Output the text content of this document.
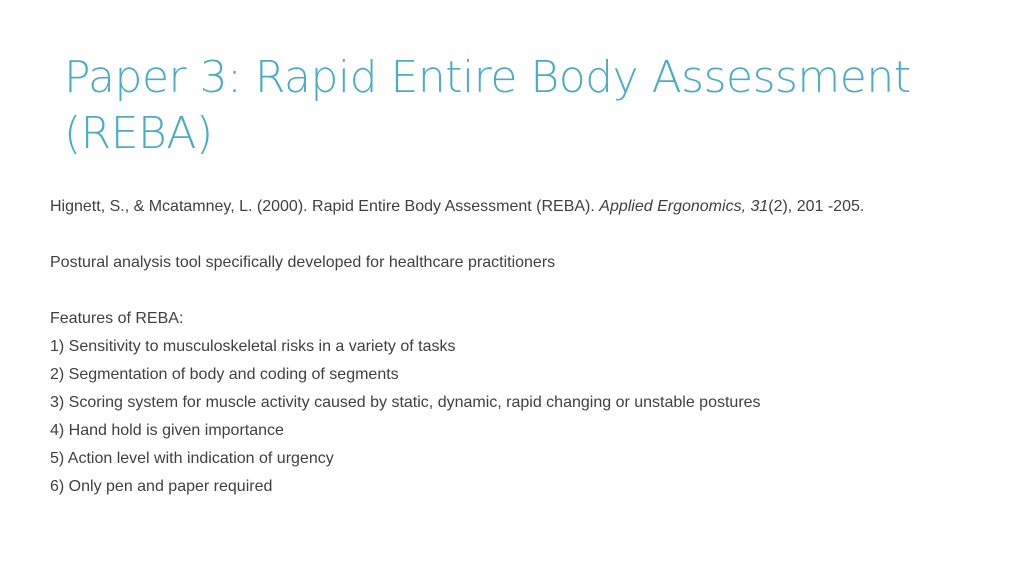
Paper 3: Rapid Entire Body Assessment (REBA)

Hignett, S., & Mcatamney, L. (2000). Rapid Entire Body Assessment (REBA). Applied Ergonomics, 31(2), 201 -205.

Postural analysis tool specifically developed for healthcare practitioners

Features of REBA:

1) Sensitivity to musculoskeletal risks in a variety of tasks

2) Segmentation of body and coding of segments

3) Scoring system for muscle activity caused by static, dynamic, rapid changing or unstable postures

4) Hand hold is given importance

5) Action level with indication of urgency

6) Only pen and paper required
